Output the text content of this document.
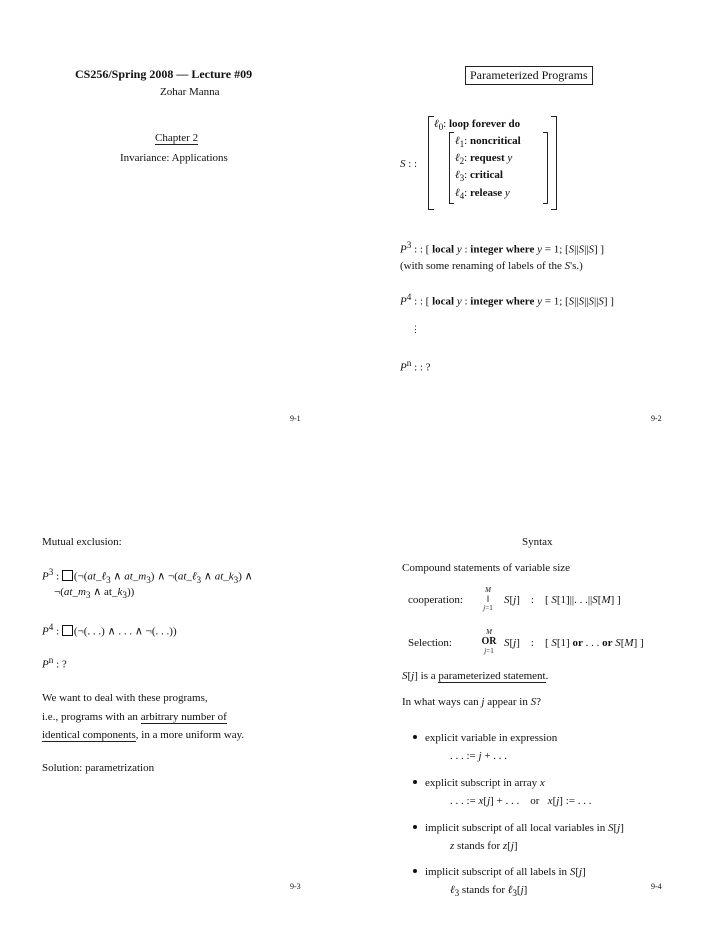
CS256/Spring 2008 — Lecture #09
Zohar Manna
Chapter 2
Invariance: Applications
9-1
Parameterized Programs
S : :
ℓ$_0$: loop forever do
ℓ$_1$: noncritical
ℓ$_2$: request y
ℓ$_3$: critical
ℓ$_4$: release y
$P^3$ : : [ local y : integer where y = 1; [S||S||S] ]
(with some renaming of labels of the S's.)
$P^4$ : : [ local y : integer where y = 1; [S||S||S||S] ]
⋮
$P^n$ : : ?
9-2
Mutual exclusion:
$P^3$ : (¬(at_ℓ$_3$ ∧ $at\_m_3$) ∧ ¬(at_ℓ$_3$ ∧ $at\_k_3$) ∧
$\neg(at\_m_3$ ∧ $at\_k_3$))
$P^4$ : (¬(. . .) ∧ . . . ∧ ¬(. . .))
$P^n$ : ?
We want to deal with these programs,
i.e., programs with an arbitrary number of
identical components, in a more uniform way.
Solution: parametrization
9-3
Syntax
Compound statements of variable size
cooperation:
M
‖
j=1
S[j]    :    [ S[1]||. . .||S[M] ]
Selection:
M
OR
j=1
S[j]    :    [ S[1] or . . . or S[M] ]
S[j] is a parameterized statement.
In what ways can j appear in S?
explicit variable in expression
. . . := j + . . .
explicit subscript in array x
. . . := x[j] + . . .    or   x[j] := . . .
implicit subscript of all local variables in S[j]
z stands for z[j]
implicit subscript of all labels in S[j]
ℓ$_3$ stands for ℓ$_3$[j]	9-4
